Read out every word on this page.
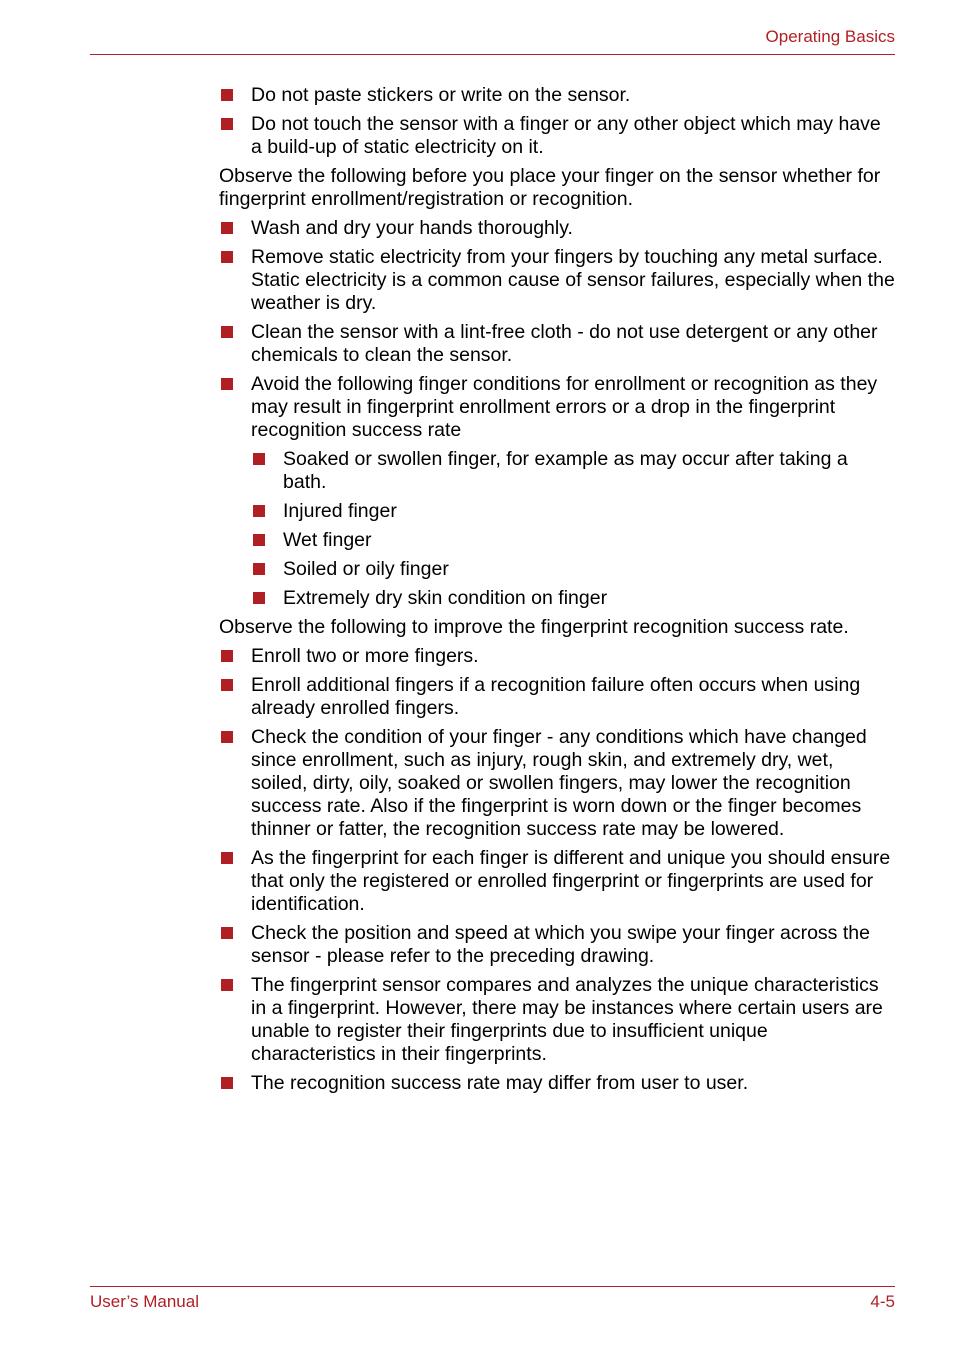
Operating Basics
Do not paste stickers or write on the sensor.
Do not touch the sensor with a finger or any other object which may have a build-up of static electricity on it.

Observe the following before you place your finger on the sensor whether for fingerprint enrollment/registration or recognition.

Wash and dry your hands thoroughly.
Remove static electricity from your fingers by touching any metal surface. Static electricity is a common cause of sensor failures, especially when the weather is dry.
Clean the sensor with a lint-free cloth - do not use detergent or any other chemicals to clean the sensor.
Avoid the following finger conditions for enrollment or recognition as they may result in fingerprint enrollment errors or a drop in the fingerprint recognition success rate
Soaked or swollen finger, for example as may occur after taking a bath.
Injured finger
Wet finger
Soiled or oily finger
Extremely dry skin condition on finger

Observe the following to improve the fingerprint recognition success rate.

Enroll two or more fingers.
Enroll additional fingers if a recognition failure often occurs when using already enrolled fingers.
Check the condition of your finger - any conditions which have changed since enrollment, such as injury, rough skin, and extremely dry, wet, soiled, dirty, oily, soaked or swollen fingers, may lower the recognition success rate. Also if the fingerprint is worn down or the finger becomes thinner or fatter, the recognition success rate may be lowered.
As the fingerprint for each finger is different and unique you should ensure that only the registered or enrolled fingerprint or fingerprints are used for identification.
Check the position and speed at which you swipe your finger across the sensor - please refer to the preceding drawing.
The fingerprint sensor compares and analyzes the unique characteristics in a fingerprint. However, there may be instances where certain users are unable to register their fingerprints due to insufficient unique characteristics in their fingerprints.
The recognition success rate may differ from user to user.
User’s Manual	4-5
